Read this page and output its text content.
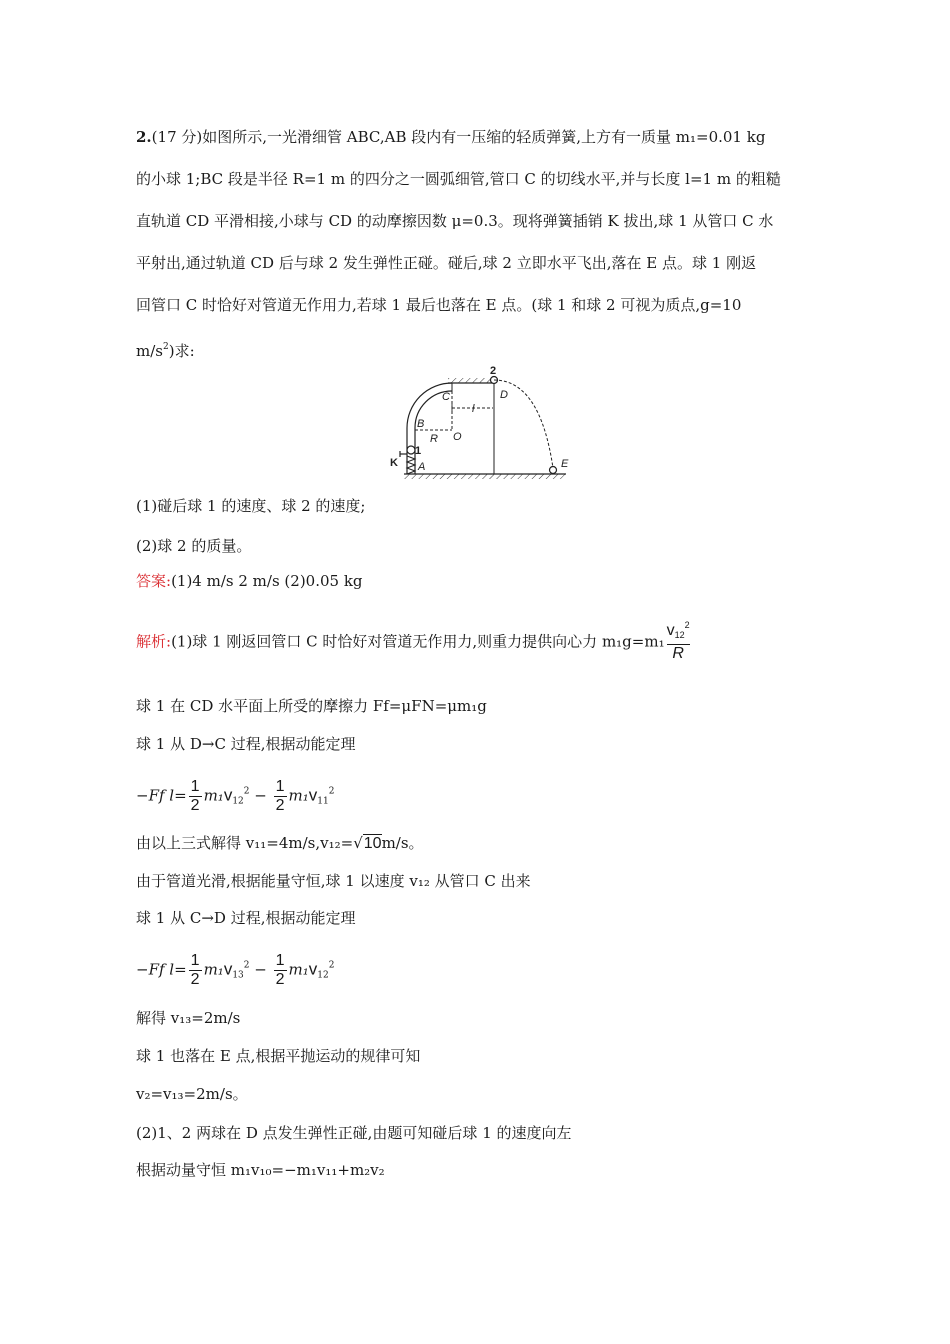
2.(17 分)如图所示,一光滑细管 ABC,AB 段内有一压缩的轻质弹簧,上方有一质量 m₁=0.01 kg
的小球 1;BC 段是半径 R=1 m 的四分之一圆弧细管,管口 C 的切线水平,并与长度 l=1 m 的粗糙
直轨道 CD 平滑相接,小球与 CD 的动摩擦因数 μ=0.3。现将弹簧插销 K 拔出,球 1 从管口 C 水
平射出,通过轨道 CD 后与球 2 发生弹性正碰。碰后,球 2 立即水平飞出,落在 E 点。球 1 刚返
回管口 C 时恰好对管道无作用力,若球 1 最后也落在 E 点。(球 1 和球 2 可视为质点,g=10
$m/s^2$)求:
2
C	D
l
B
R O
1
K A	E
(1)碰后球 1 的速度、球 2 的速度;
(2)球 2 的质量。
答案:(1)4 m/s 2 m/s (2)0.05 kg
解析:(1)球 1 刚返回管口 C 时恰好对管道无作用力,则重力提供向心力 $m_1g=m_1 \frac{v_{12}^2}{R}$
球 1 在 CD 水平面上所受的摩擦力 Ff=μFN=μm₁g
球 1 从 D→C 过程,根据动能定理
−Ff $l= \frac{1}{2} m_1v_{12}^2 - \frac{1}{2} m_1v_{11}^2$
由以上三式解得 v₁₁=4m/s,v₁₂=√10m/s。
由于管道光滑,根据能量守恒,球 1 以速度 v₁₂ 从管口 C 出来
球 1 从 C→D 过程,根据动能定理
−Ff $l= \frac{1}{2} m_1v_{13}^2 - \frac{1}{2} m_1v_{12}^2$
解得 v₁₃=2m/s
球 1 也落在 E 点,根据平抛运动的规律可知
v₂=v₁₃=2m/s。
(2)1、2 两球在 D 点发生弹性正碰,由题可知碰后球 1 的速度向左
根据动量守恒 m₁v₁₀=−m₁v₁₁+m₂v₂
